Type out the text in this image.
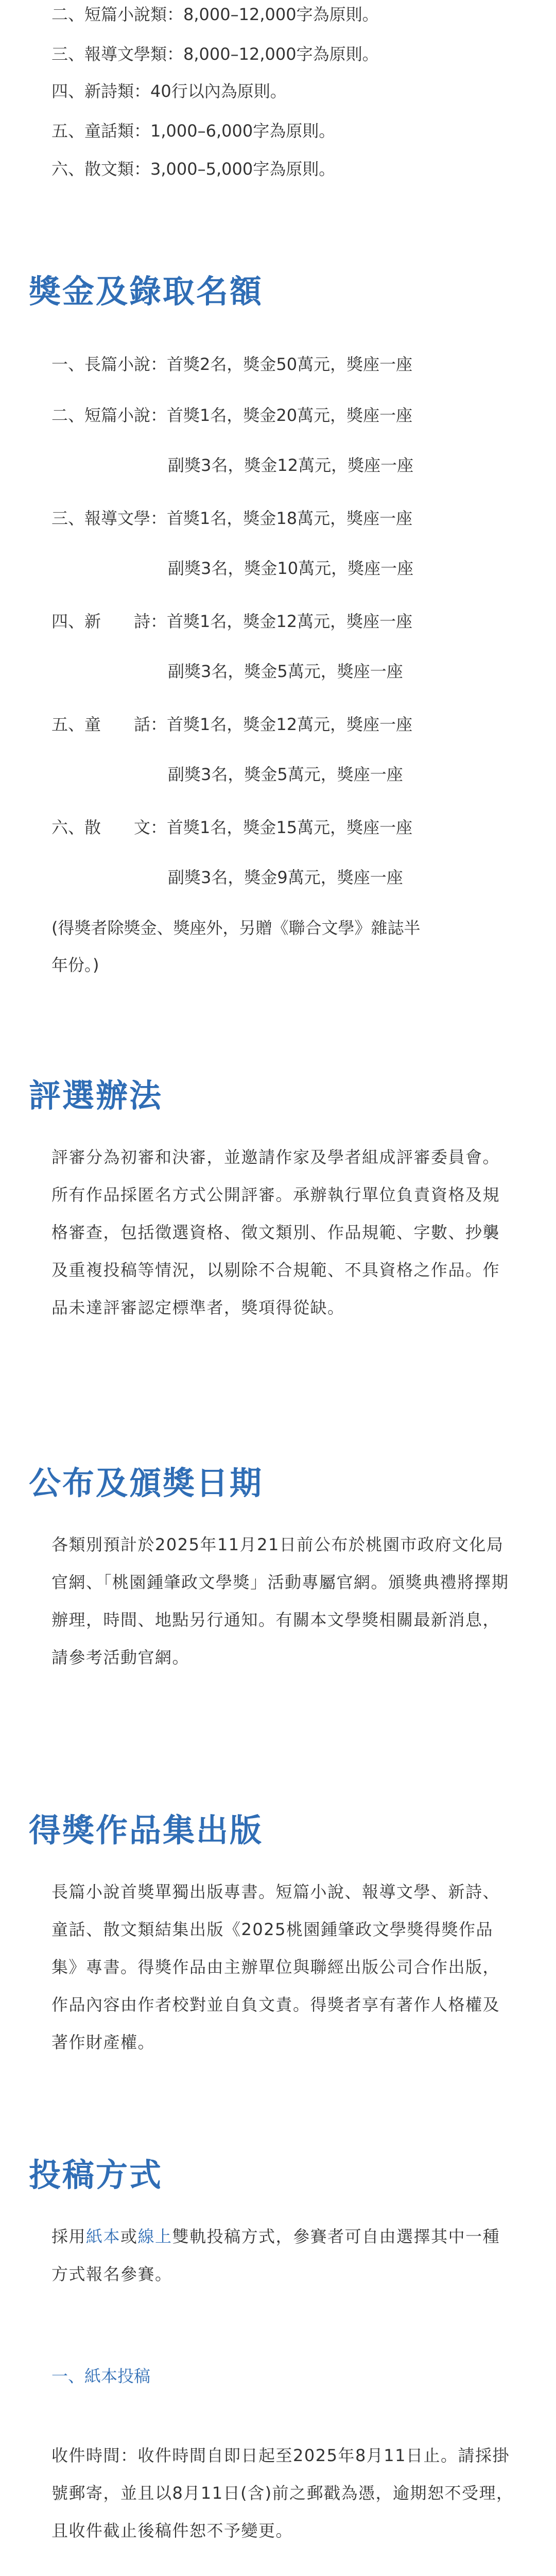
二、短篇小說類：8,000–12,000字為原則。
三、報導文學類：8,000–12,000字為原則。
四、新詩類：40行以內為原則。
五、童話類：1,000–6,000字為原則。
六、散文類：3,000–5,000字為原則。
獎金及錄取名額
一、長篇小說：首獎2名，獎金50萬元，獎座一座
二、短篇小說：首獎1名，獎金20萬元，獎座一座
副獎3名，獎金12萬元，獎座一座
三、報導文學：首獎1名，獎金18萬元，獎座一座
副獎3名，獎金10萬元，獎座一座
四、新　　詩：首獎1名，獎金12萬元，獎座一座
副獎3名，獎金5萬元，獎座一座
五、童　　話：首獎1名，獎金12萬元，獎座一座
副獎3名，獎金5萬元，獎座一座
六、散　　文：首獎1名，獎金15萬元，獎座一座
副獎3名，獎金9萬元，獎座一座
(得獎者除獎金、獎座外，另贈《聯合文學》雜誌半
年份。)
評選辦法
評審分為初審和決審，並邀請作家及學者組成評審委員會。所有作品採匿名方式公開評審。承辦執行單位負責資格及規格審查，包括徵選資格、徵文類別、作品規範、字數、抄襲及重複投稿等情況，以剔除不合規範、不具資格之作品。作品未達評審認定標準者，獎項得從缺。
公布及頒獎日期
各類別預計於2025年11月21日前公布於桃園市政府文化局官網、「桃園鍾肇政文學獎」活動專屬官網。頒獎典禮將擇期辦理，時間、地點另行通知。有關本文學獎相關最新消息，請參考活動官網。
得獎作品集出版
長篇小說首獎單獨出版專書。短篇小說、報導文學、新詩、童話、散文類結集出版《2025桃園鍾肇政文學獎得獎作品集》專書。得獎作品由主辦單位與聯經出版公司合作出版，作品內容由作者校對並自負文責。得獎者享有著作人格權及著作財產權。
投稿方式
採用紙本或線上雙軌投稿方式，參賽者可自由選擇其中一種方式報名參賽。
一、紙本投稿
收件時間：收件時間自即日起至2025年8月11日止。請採掛號郵寄，並且以8月11日(含)前之郵戳為憑，逾期恕不受理，且收件截止後稿件恕不予變更。
